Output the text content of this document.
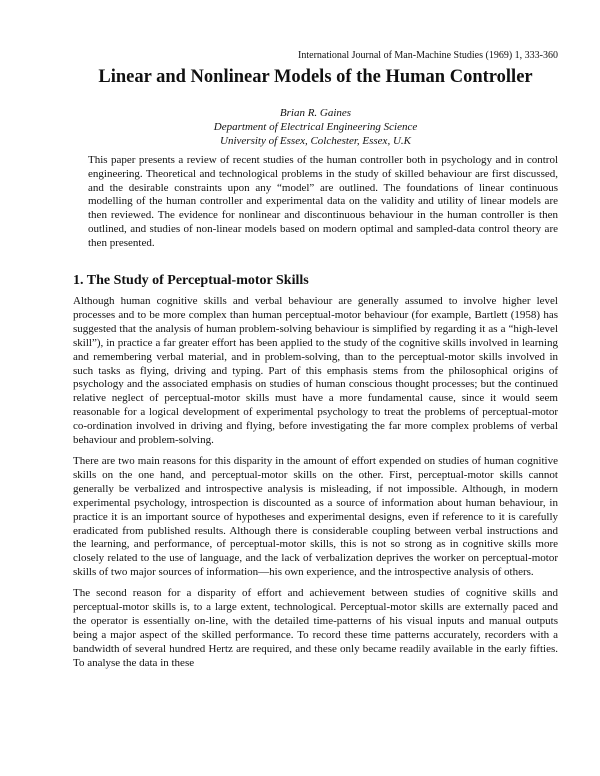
International Journal of Man-Machine Studies (1969) 1, 333-360
Linear and Nonlinear Models of the Human Controller
Brian R. Gaines
Department of Electrical Engineering Science
University of Essex, Colchester, Essex, U.K
This paper presents a review of recent studies of the human controller both in psychology and in control engineering. Theoretical and technological problems in the study of skilled behaviour are first discussed, and the desirable constraints upon any “model” are outlined. The foundations of linear continuous modelling of the human controller and experimental data on the validity and utility of linear models are then reviewed. The evidence for nonlinear and discontinuous behaviour in the human controller is then outlined, and studies of non-linear models based on modern optimal and sampled-data control theory are then presented.
1. The Study of Perceptual-motor Skills

Although human cognitive skills and verbal behaviour are generally assumed to involve higher level processes and to be more complex than human perceptual-motor behaviour (for example, Bartlett (1958) has suggested that the analysis of human problem-solving behaviour is simplified by regarding it as a “high-level skill”), in practice a far greater effort has been applied to the study of the cognitive skills involved in learning and remembering verbal material, and in problem-solving, than to the perceptual-motor skills involved in such tasks as flying, driving and typing. Part of this emphasis stems from the philosophical origins of psychology and the associated emphasis on studies of human conscious thought processes; but the continued relative neglect of perceptual-motor skills must have a more fundamental cause, since it would seem reasonable for a logical development of experimental psychology to treat the problems of perceptual-motor co-ordination involved in driving and flying, before investigating the far more complex problems of verbal behaviour and problem-solving.

There are two main reasons for this disparity in the amount of effort expended on studies of human cognitive skills on the one hand, and perceptual-motor skills on the other. First, perceptual-motor skills cannot generally be verbalized and introspective analysis is misleading, if not impossible. Although, in modern experimental psychology, introspection is discounted as a source of information about human behaviour, in practice it is an important source of hypotheses and experimental designs, even if reference to it is carefully eradicated from published results. Although there is considerable coupling between verbal instructions and the learning, and performance, of perceptual-motor skills, this is not so strong as in cognitive skills more closely related to the use of language, and the lack of verbalization deprives the worker on perceptual-motor skills of two major sources of information—his own experience, and the introspective analysis of others.

The second reason for a disparity of effort and achievement between studies of cognitive skills and perceptual-motor skills is, to a large extent, technological. Perceptual-motor skills are externally paced and the operator is essentially on-line, with the detailed time-patterns of his visual inputs and manual outputs being a major aspect of the skilled performance. To record these time patterns accurately, recorders with a bandwidth of several hundred Hertz are required, and these only became readily available in the early fifties. To analyse the data in these
